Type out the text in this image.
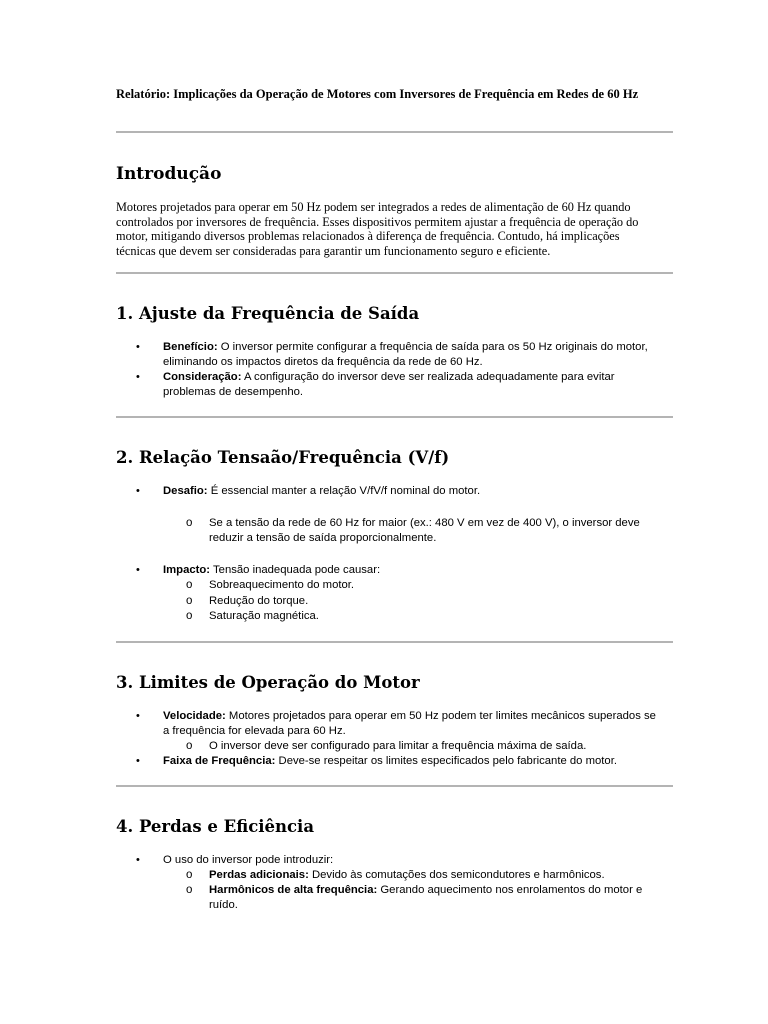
Relatório: Implicações da Operação de Motores com Inversores de Frequência em Redes de 60 Hz
Introdução
Motores projetados para operar em 50 Hz podem ser integrados a redes de alimentação de 60 Hz quando controlados por inversores de frequência. Esses dispositivos permitem ajustar a frequência de operação do motor, mitigando diversos problemas relacionados à diferença de frequência. Contudo, há implicações técnicas que devem ser consideradas para garantir um funcionamento seguro e eficiente.
1. Ajuste da Frequência de Saída
• Benefício: O inversor permite configurar a frequência de saída para os 50 Hz originais do motor, eliminando os impactos diretos da frequência da rede de 60 Hz.
• Consideração: A configuração do inversor deve ser realizada adequadamente para evitar problemas de desempenho.
2. Relação Tensaão/Frequência (V/f)
• Desafio: É essencial manter a relação V/fV/f nominal do motor.
o Se a tensão da rede de 60 Hz for maior (ex.: 480 V em vez de 400 V), o inversor deve reduzir a tensão de saída proporcionalmente.
• Impacto: Tensão inadequada pode causar:
o Sobreaquecimento do motor.
o Redução do torque.
o Saturação magnética.
3. Limites de Operação do Motor
• Velocidade: Motores projetados para operar em 50 Hz podem ter limites mecânicos superados se a frequência for elevada para 60 Hz.
o O inversor deve ser configurado para limitar a frequência máxima de saída.
• Faixa de Frequência: Deve-se respeitar os limites especificados pelo fabricante do motor.
4. Perdas e Eficiência
• O uso do inversor pode introduzir:
o Perdas adicionais: Devido às comutações dos semicondutores e harmônicos.
o Harmônicos de alta frequência: Gerando aquecimento nos enrolamentos do motor e ruído.
